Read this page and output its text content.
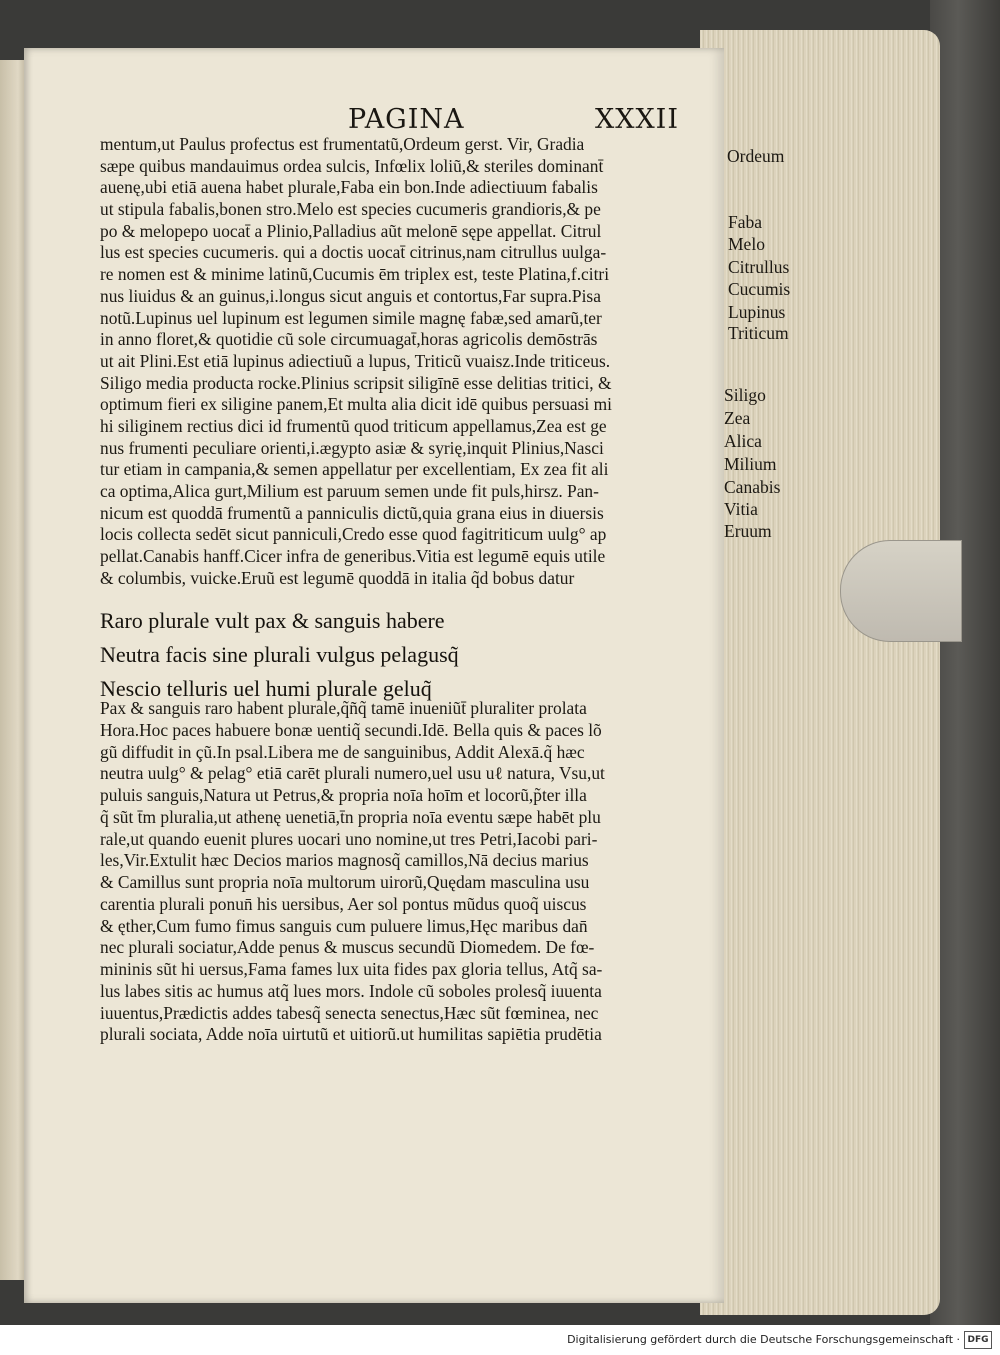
PAGINA	XXXII
mentum,ut Paulus profectus est frumentatũ,Ordeum gerst. Vir, Gradia
sæpe quibus mandauimus ordea sulcis, Infœlix loliũ,& steriles dominant̄
auenę,ubi etiā auena habet plurale,Faba ein bon.Inde adiectiuum fabalis
ut stipula fabalis,bonen stro.Melo est species cucumeris grandioris,& pe
po & melopepo uocat̄ a Plinio,Palladius aũt melonē sępe appellat. Citrul
lus est species cucumeris. qui a doctis uocat̄ citrinus,nam citrullus uulga-
re nomen est & minime latinũ,Cucumis ēm triplex est, teste Platina,f.citri
nus liuidus & an guinus,i.longus sicut anguis et contortus,Far supra.Pisa
notũ.Lupinus uel lupinum est legumen simile magnę fabæ,sed amarũ,ter
in anno floret,& quotidie cũ sole circumuagat̄,horas agricolis demōstrās
ut ait Plini.Est etiā lupinus adiectiuũ a lupus, Triticũ vuaisz.Inde triticeus.
Siligo media producta rocke.Plinius scripsit siligīnē esse delitias tritici, &
optimum fieri ex siligine panem,Et multa alia dicit idē quibus persuasi mi
hi siliginem rectius dici id frumentũ quod triticum appellamus,Zea est ge
nus frumenti peculiare orienti,i.ægypto asiæ & syrię,inquit Plinius,Nasci
tur etiam in campania,& semen appellatur per excellentiam, Ex zea fit ali
ca optima,Alica gurt,Milium est paruum semen unde fit puls,hirsz. Pan-
nicum est quoddā frumentũ a panniculis dictũ,quia grana eius in diuersis
locis collecta sedēt sicut panniculi,Credo esse quod fagitriticum uulg° ap
pellat.Canabis hanff.Cicer infra de generibus.Vitia est legumē equis utile
& columbis, vuicke.Eruũ est legumē quoddā in italia q̃d bobus datur
Raro plurale vult pax & sanguis habere
Neutra facis sine plurali vulgus pelagusq̃
Nescio telluris uel humi plurale geluq̃
Pax & sanguis raro habent plurale,q̃ñq̃ tamē inueniũt̄ pluraliter prolata
Hora.Hoc paces habuere bonæ uentiq̃ secundi.Idē. Bella quis & paces lõ
gũ diffudit in çũ.In psal.Libera me de sanguinibus, Addit Alexā.q̃ hæc
neutra uulg° & pelag° etiā carēt plurali numero,uel usu uℓ natura, Vsu,ut
puluis sanguis,Natura ut Petrus,& propria noīa hoīm et locorũ,p̃ter illa
q̃ sũt t̄m pluralia,ut athenę uenetiā,t̄n propria noīa eventu sæpe habēt plu
rale,ut quando euenit plures uocari uno nomine,ut tres Petri,Iacobi pari-
les,Vir.Extulit hæc Decios marios magnosq̃ camillos,Nā decius marius
& Camillus sunt propria noīa multorum uirorũ,Quędam masculina usu
carentia plurali ponun̄ his uersibus, Aer sol pontus mũdus quoq̃ uiscus
& ęther,Cum fumo fimus sanguis cum puluere limus,Hęc maribus dan̄
nec plurali sociatur,Adde penus & muscus secundũ Diomedem. De fœ-
mininis sũt hi uersus,Fama fames lux uita fides pax gloria tellus, Atq̃ sa-
lus labes sitis ac humus atq̃ lues mors. Indole cũ soboles prolesq̃ iuuenta
iuuentus,Prædictis addes tabesq̃ senecta senectus,Hæc sũt fœminea, nec
plurali sociata, Adde noīa uirtutũ et uitiorũ.ut humilitas sapiētia prudētia
Ordeum
Faba
Melo
Citrullus
Cucumis
Lupinus
Triticum
Siligo
Zea
Alica
Milium
Canabis
Vitia
Eruum
Digitalisierung gefördert durch die Deutsche Forschungsgemeinschaft · DFG
